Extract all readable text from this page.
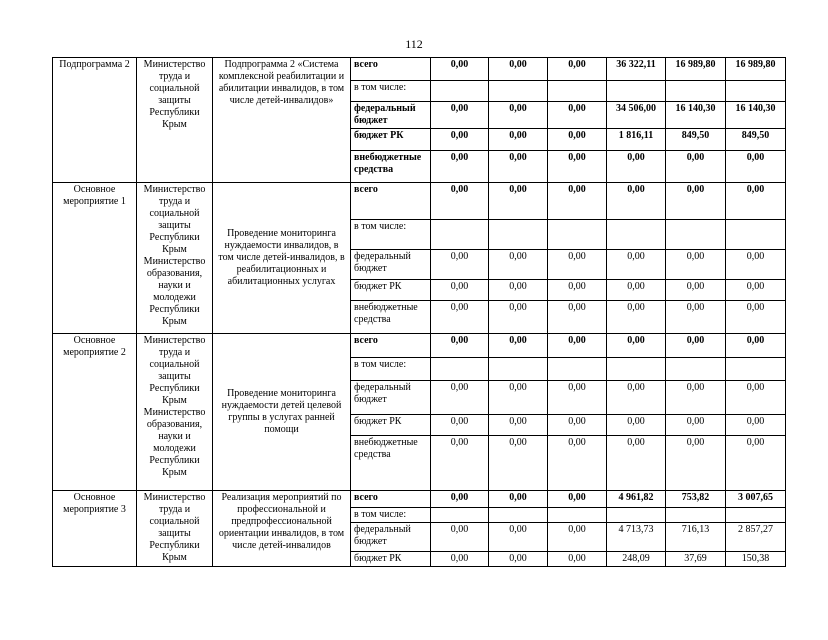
112
Подпрограмма 2	Министерство труда и социальной защиты Республики Крым	Подпрограмма 2 «Система комплексной реабилитации и абилитации инвалидов, в том числе детей-инвалидов»	всего	0,00	0,00	0,00	36 322,11	16 989,80	16 989,80
			в том числе:						
			федеральный бюджет	0,00	0,00	0,00	34 506,00	16 140,30	16 140,30
			бюджет РК	0,00	0,00	0,00	1 816,11	849,50	849,50
			внебюджетные средства	0,00	0,00	0,00	0,00	0,00	0,00
Основное мероприятие 1	Министерство труда и социальной защиты Республики Крым Министерство образования, науки и молодежи Республики Крым	Проведение мониторинга нуждаемости инвалидов, в том числе детей-инвалидов, в реабилитационных и абилитационных услугах	всего	0,00	0,00	0,00	0,00	0,00	0,00
			в том числе:						
			федеральный бюджет	0,00	0,00	0,00	0,00	0,00	0,00
			бюджет РК	0,00	0,00	0,00	0,00	0,00	0,00
			внебюджетные средства	0,00	0,00	0,00	0,00	0,00	0,00
Основное мероприятие 2	Министерство труда и социальной защиты Республики Крым Министерство образования, науки и молодежи Республики Крым	Проведение мониторинга нуждаемости детей целевой группы в услугах ранней помощи	всего	0,00	0,00	0,00	0,00	0,00	0,00
			в том числе:						
			федеральный бюджет	0,00	0,00	0,00	0,00	0,00	0,00
			бюджет РК	0,00	0,00	0,00	0,00	0,00	0,00
			внебюджетные средства	0,00	0,00	0,00	0,00	0,00	0,00
Основное мероприятие 3	Министерство труда и социальной защиты Республики Крым	Реализация мероприятий по профессиональной и предпрофессиональной ориентации инвалидов, в том числе детей-инвалидов	всего	0,00	0,00	0,00	4 961,82	753,82	3 007,65
			в том числе:						
			федеральный бюджет	0,00	0,00	0,00	4 713,73	716,13	2 857,27
			бюджет РК	0,00	0,00	0,00	248,09	37,69	150,38
